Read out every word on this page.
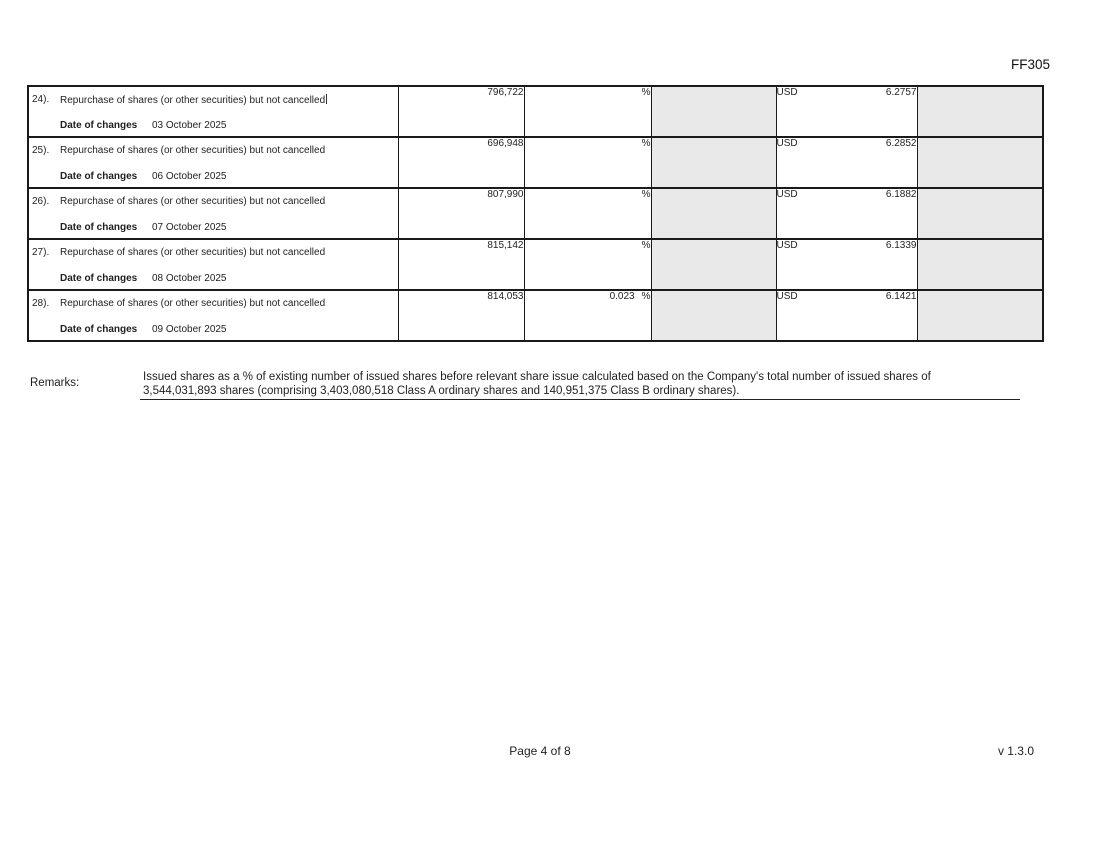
FF305
24). Repurchase of shares (or other securities) but not cancelled
Date of changes 03 October 2025	796,722	%		USD 6.2757	

25). Repurchase of shares (or other securities) but not cancelled
Date of changes 06 October 2025	696,948	%		USD 6.2852	

26). Repurchase of shares (or other securities) but not cancelled
Date of changes 07 October 2025	807,990	%		USD 6.1882	

27). Repurchase of shares (or other securities) but not cancelled
Date of changes 08 October 2025	815,142	%		USD 6.1339	

28). Repurchase of shares (or other securities) but not cancelled
Date of changes 09 October 2025	814,053	0.023 %		USD 6.1421	

Remarks:	Issued shares as a % of existing number of issued shares before relevant share issue calculated based on the Company's total number of issued shares of
3,544,031,893 shares (comprising 3,403,080,518 Class A ordinary shares and 140,951,375 Class B ordinary shares).
Page 4 of 8	v 1.3.0
